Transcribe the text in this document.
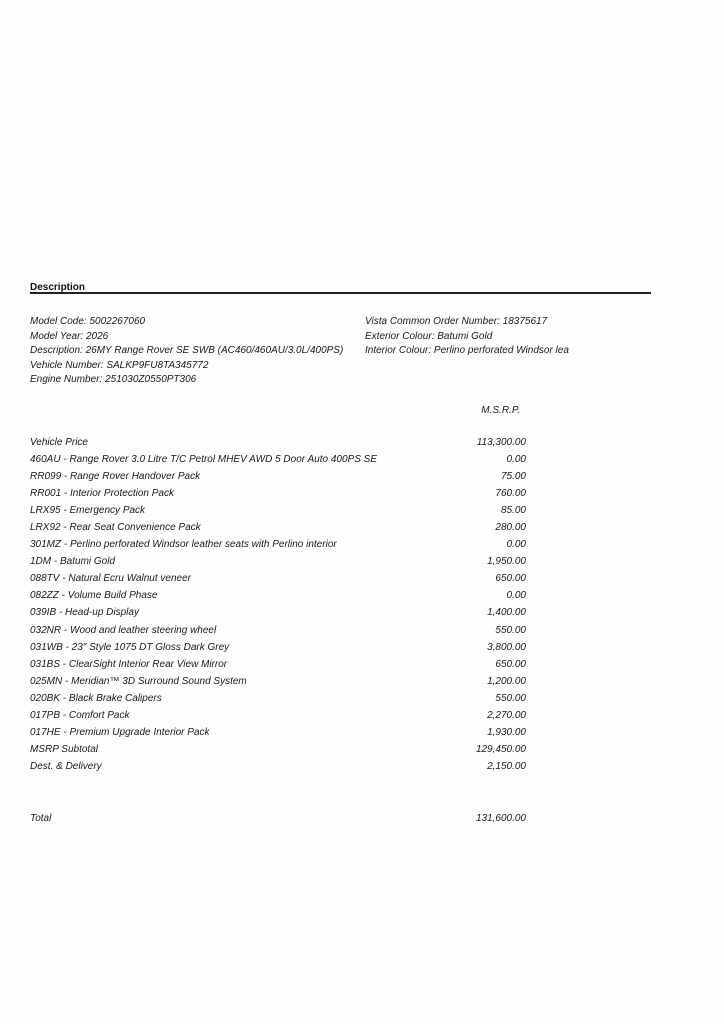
Description
Model Code: 5002267060
Model Year: 2026
Description: 26MY Range Rover SE SWB (AC460/460AU/3.0L/400PS)
Vehicle Number: SALKP9FU8TA345772
Engine Number: 251030Z0550PT306
Vista Common Order Number: 18375617
Exterior Colour: Batumi Gold
Interior Colour: Perlino perforated Windsor lea
M.S.R.P.
Vehicle Price	113,300.00
460AU - Range Rover 3.0 Litre T/C Petrol MHEV AWD 5 Door Auto 400PS SE	0.00
RR099 - Range Rover Handover Pack	75.00
RR001 - Interior Protection Pack	760.00
LRX95 - Emergency Pack	85.00
LRX92 - Rear Seat Convenience Pack	280.00
301MZ - Perlino perforated Windsor leather seats with Perlino interior	0.00
1DM - Batumi Gold	1,950.00
088TV - Natural Ecru Walnut veneer	650.00
082ZZ - Volume Build Phase	0.00
039IB - Head-up Display	1,400.00
032NR - Wood and leather steering wheel	550.00
031WB - 23" Style 1075 DT Gloss Dark Grey	3,800.00
031BS - ClearSight Interior Rear View Mirror	650.00
025MN - Meridian™ 3D Surround Sound System	1,200.00
020BK - Black Brake Calipers	550.00
017PB - Comfort Pack	2,270.00
017HE - Premium Upgrade Interior Pack	1,930.00
MSRP Subtotal	129,450.00
Dest. & Delivery	2,150.00
Total	131,600.00
